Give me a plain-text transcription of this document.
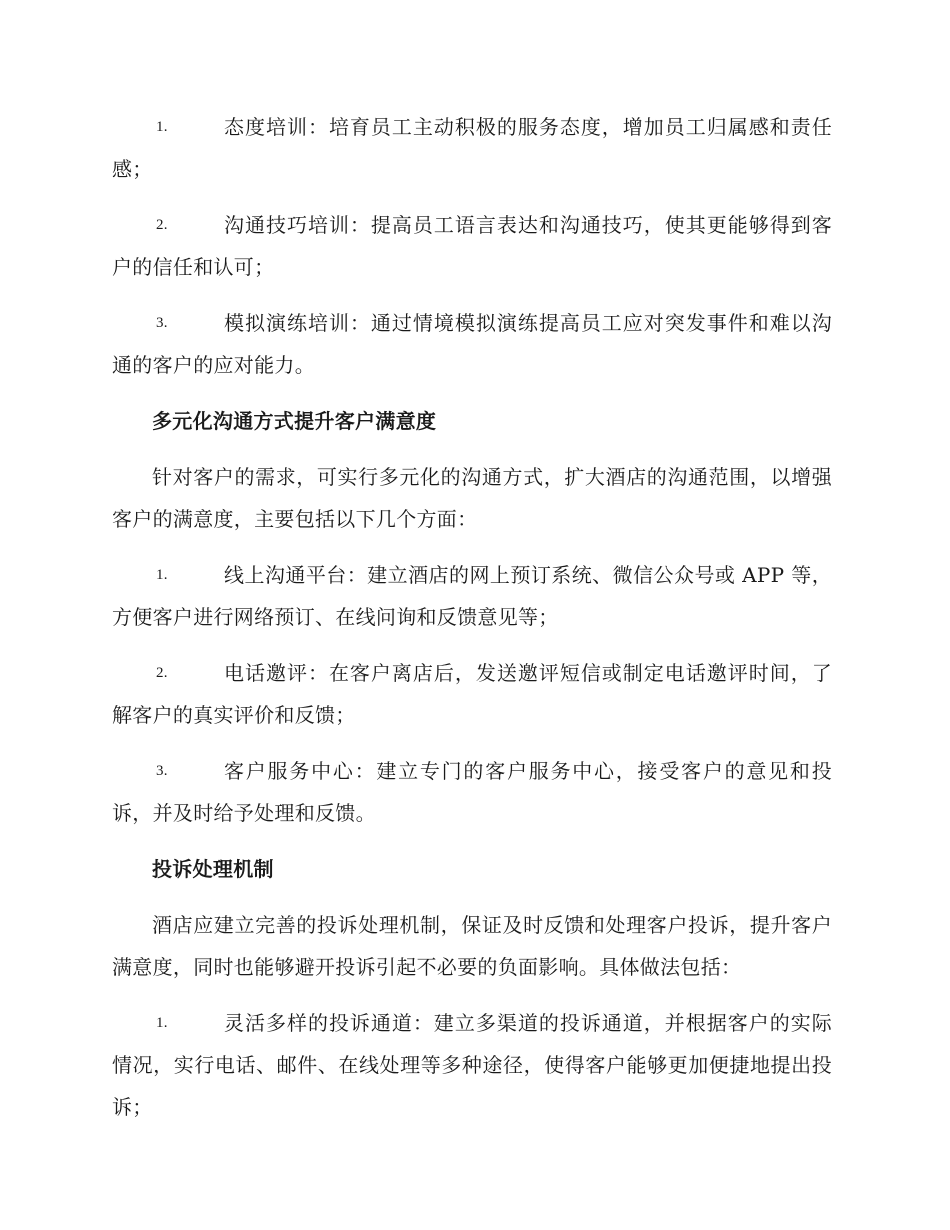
1.	态度培训：培育员工主动积极的服务态度，增加员工归属感和责任感；

2.	沟通技巧培训：提高员工语言表达和沟通技巧，使其更能够得到客户的信任和认可；

3.	模拟演练培训：通过情境模拟演练提高员工应对突发事件和难以沟通的客户的应对能力。

多元化沟通方式提升客户满意度

针对客户的需求，可实行多元化的沟通方式，扩大酒店的沟通范围，以增强客户的满意度，主要包括以下几个方面：

1.	线上沟通平台：建立酒店的网上预订系统、微信公众号或 APP 等，方便客户进行网络预订、在线问询和反馈意见等；

2.	电话邀评：在客户离店后，发送邀评短信或制定电话邀评时间，了解客户的真实评价和反馈；

3.	客户服务中心：建立专门的客户服务中心，接受客户的意见和投诉，并及时给予处理和反馈。

投诉处理机制

酒店应建立完善的投诉处理机制，保证及时反馈和处理客户投诉，提升客户满意度，同时也能够避开投诉引起不必要的负面影响。具体做法包括：

1.	灵活多样的投诉通道：建立多渠道的投诉通道，并根据客户的实际情况，实行电话、邮件、在线处理等多种途径，使得客户能够更加便捷地提出投诉；
